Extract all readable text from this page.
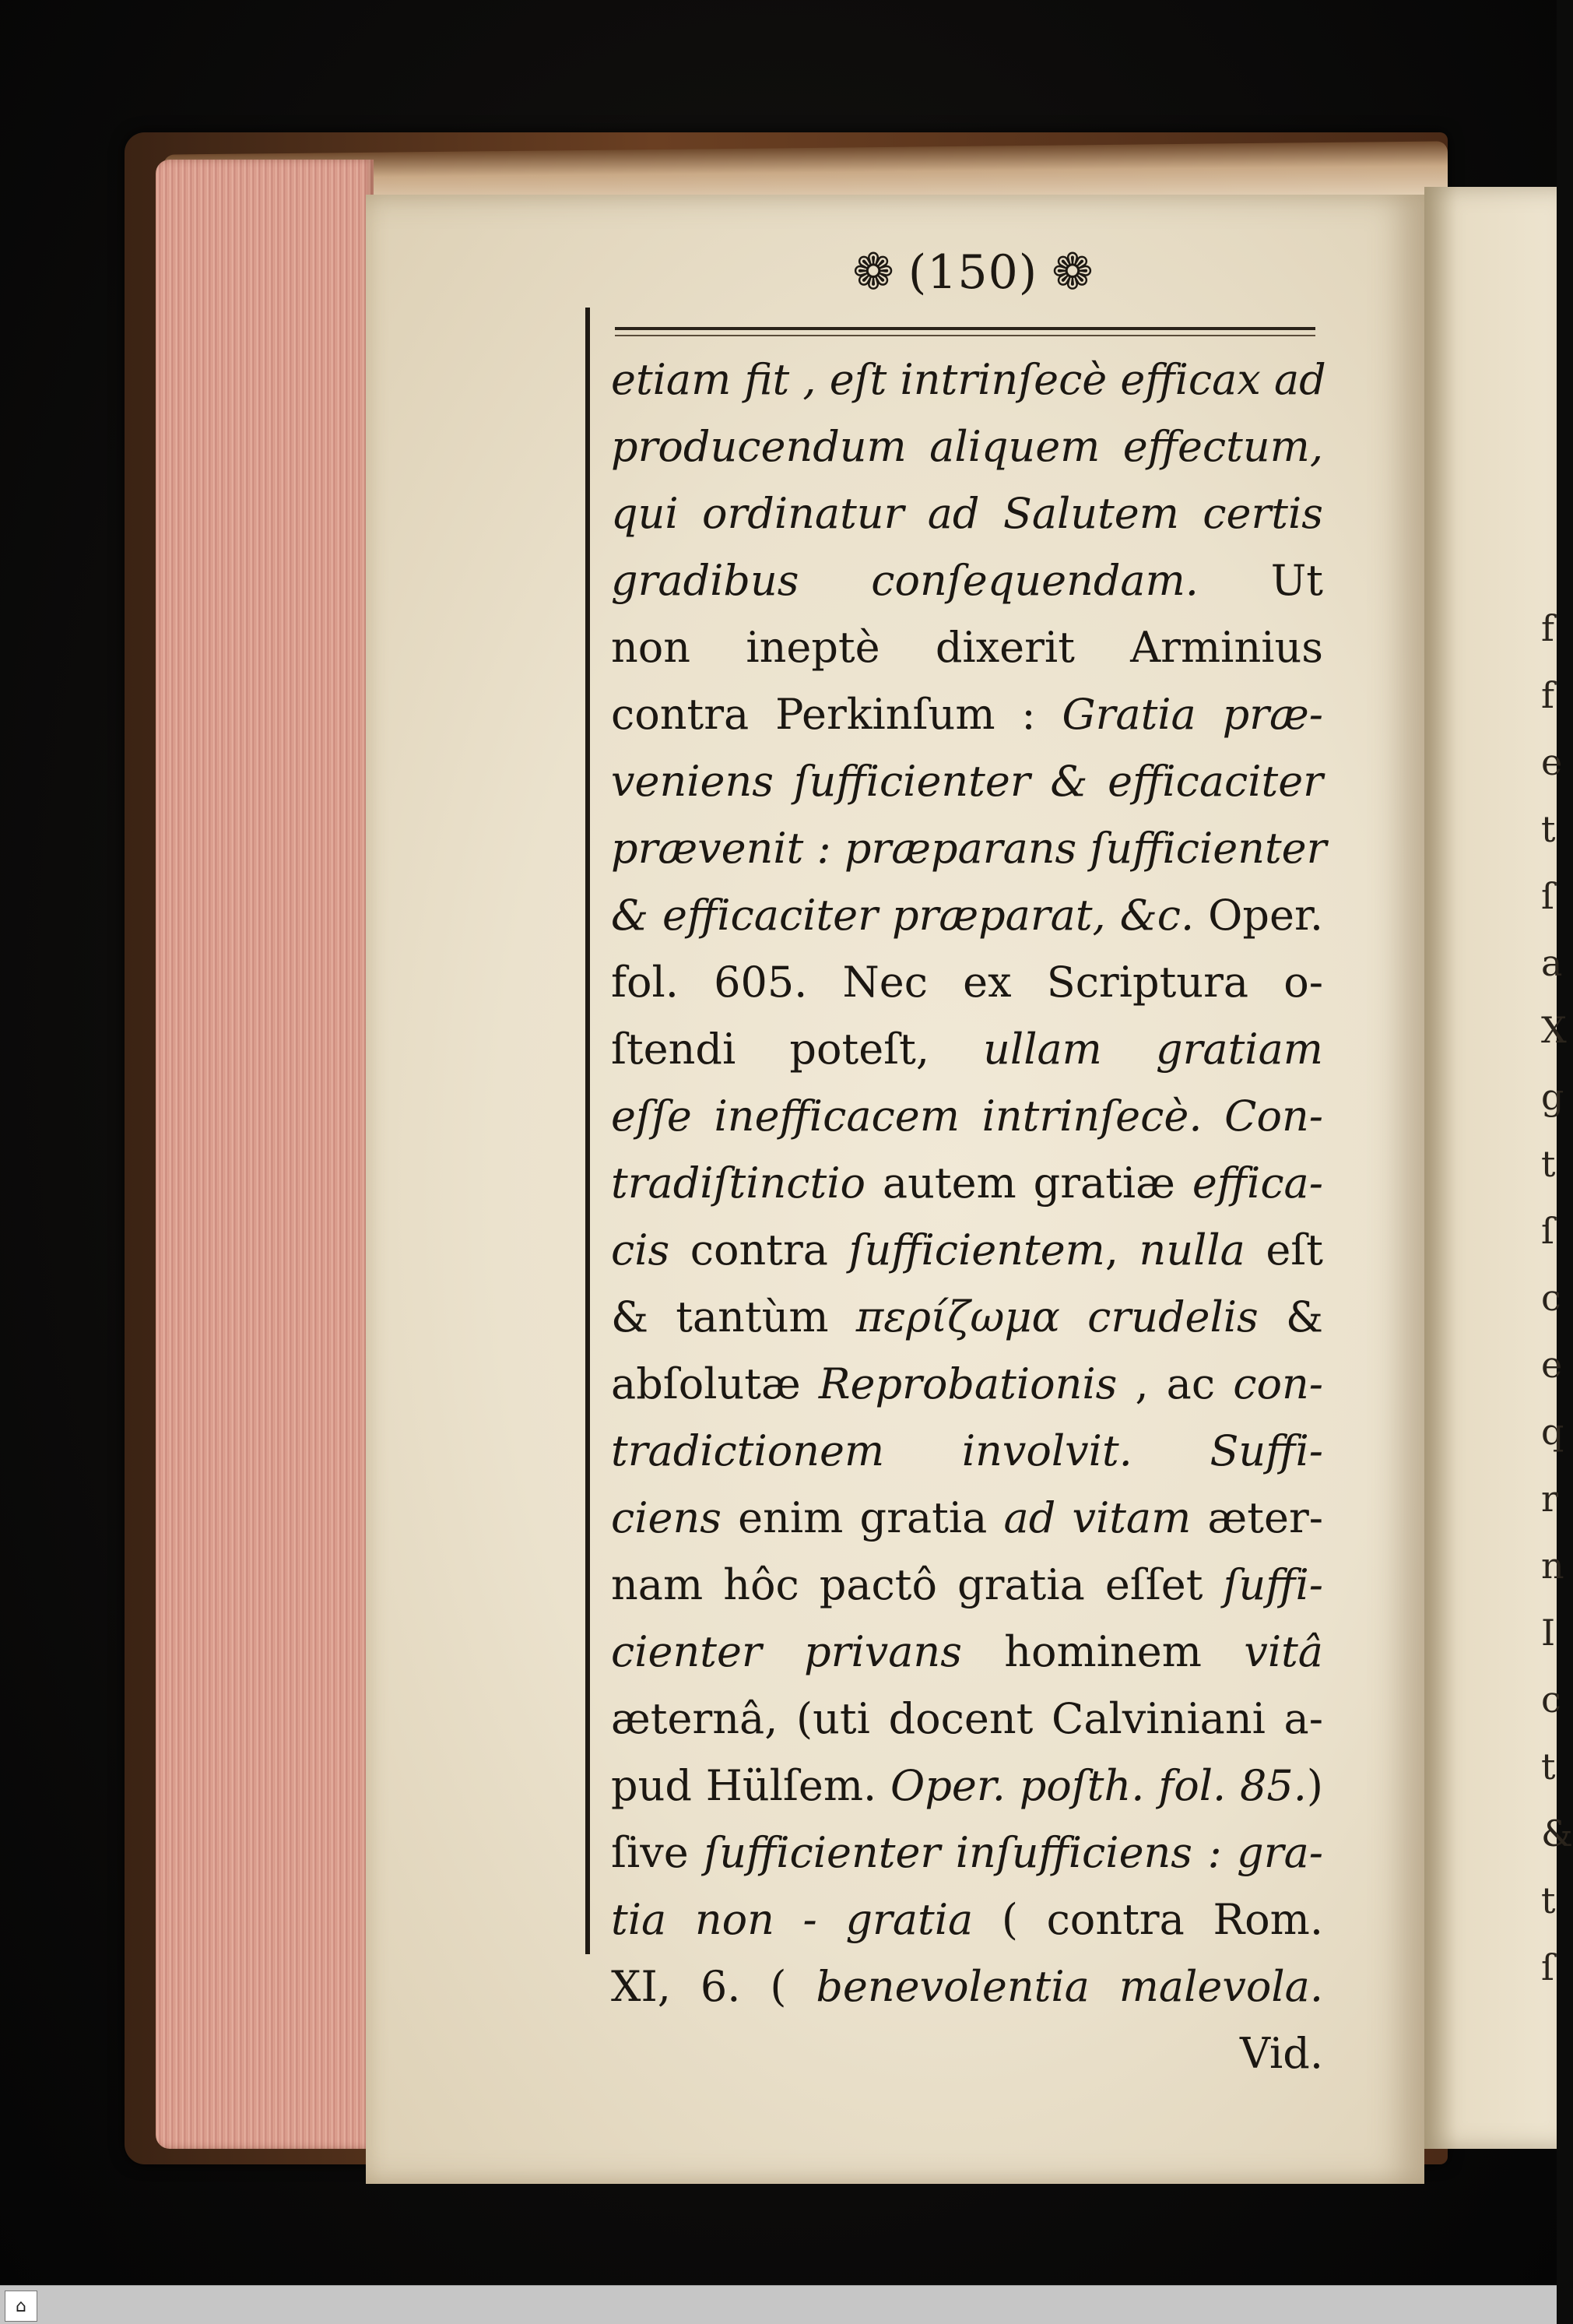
f
f
e
t
ſ
a
X
g
t
ſ
c
e
q
r
n
I
c
t
&
t
ſ
❁ (150) ❁
etiam fit , eſt intrinſecè efficax ad
producendum aliquem effectum,
qui ordinatur ad Salutem certis
gradibus conſequendam. Ut
non ineptè dixerit Arminius
contra Perkinſum : Gratia præ-
veniens ſufficienter & efficaciter
prævenit : præparans ſufficienter
& efficaciter præparat, &c. Oper.
fol. 605. Nec ex Scriptura o-
ſtendi poteſt, ullam gratiam
eſſe inefficacem intrinſecè. Con-
tradiſtinctio autem gratiæ effica-
cis contra ſufficientem, nulla eſt
& tantùm περίζωμα crudelis &
abſolutæ Reprobationis , ac con-
tradictionem involvit. Suffi-
ciens enim gratia ad vitam æter-
nam hôc pactô gratia eſſet ſuffi-
cienter privans hominem vitâ
æternâ, (uti docent Calviniani a-
pud Hülſem. Oper. poſth. fol. 85.)
ſive ſufficienter inſufficiens : gra-
tia non - gratia ( contra Rom.
XI, 6. ( benevolentia malevola.
Vid.
⌂
